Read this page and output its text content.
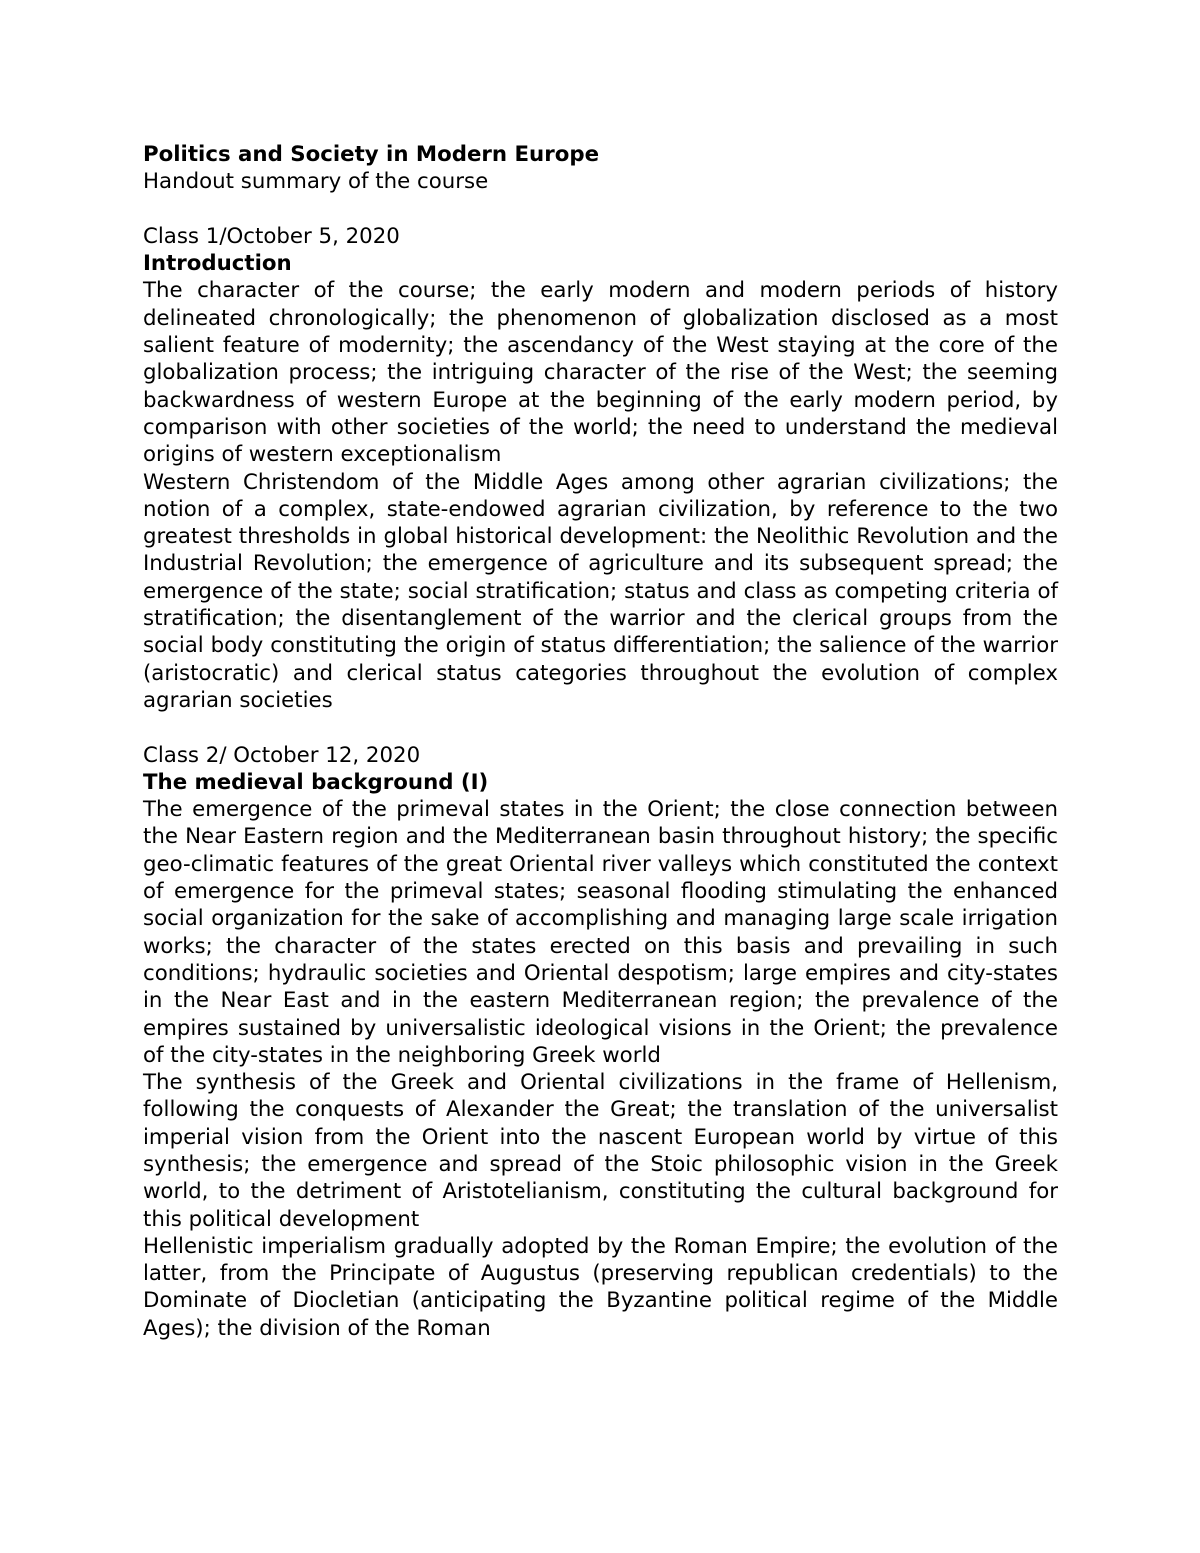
Politics and Society in Modern Europe

Handout summary of the course

Class 1/October 5, 2020

Introduction

The character of the course; the early modern and modern periods of history delineated chronologically; the phenomenon of globalization disclosed as a most salient feature of modernity; the ascendancy of the West staying at the core of the globalization process; the intriguing character of the rise of the West; the seeming backwardness of western Europe at the beginning of the early modern period, by comparison with other societies of the world; the need to understand the medieval origins of western exceptionalism

Western Christendom of the Middle Ages among other agrarian civilizations; the notion of a complex, state-endowed agrarian civilization, by reference to the two greatest thresholds in global historical development: the Neolithic Revolution and the Industrial Revolution; the emergence of agriculture and its subsequent spread; the emergence of the state; social stratification; status and class as competing criteria of stratification; the disentanglement of the warrior and the clerical groups from the social body constituting the origin of status differentiation; the salience of the warrior (aristocratic) and clerical status categories throughout the evolution of complex agrarian societies

Class 2/ October 12, 2020

The medieval background (I)

The emergence of the primeval states in the Orient; the close connection between the Near Eastern region and the Mediterranean basin throughout history; the specific geo-climatic features of the great Oriental river valleys which constituted the context of emergence for the primeval states; seasonal flooding stimulating the enhanced social organization for the sake of accomplishing and managing large scale irrigation works; the character of the states erected on this basis and prevailing in such conditions; hydraulic societies and Oriental despotism; large empires and city-states in the Near East and in the eastern Mediterranean region; the prevalence of the empires sustained by universalistic ideological visions in the Orient; the prevalence of the city-states in the neighboring Greek world

The synthesis of the Greek and Oriental civilizations in the frame of Hellenism, following the conquests of Alexander the Great; the translation of the universalist imperial vision from the Orient into the nascent European world by virtue of this synthesis; the emergence and spread of the Stoic philosophic vision in the Greek world, to the detriment of Aristotelianism, constituting the cultural background for this political development

Hellenistic imperialism gradually adopted by the Roman Empire; the evolution of the latter, from the Principate of Augustus (preserving republican credentials) to the Dominate of Diocletian (anticipating the Byzantine political regime of the Middle Ages); the division of the Roman
